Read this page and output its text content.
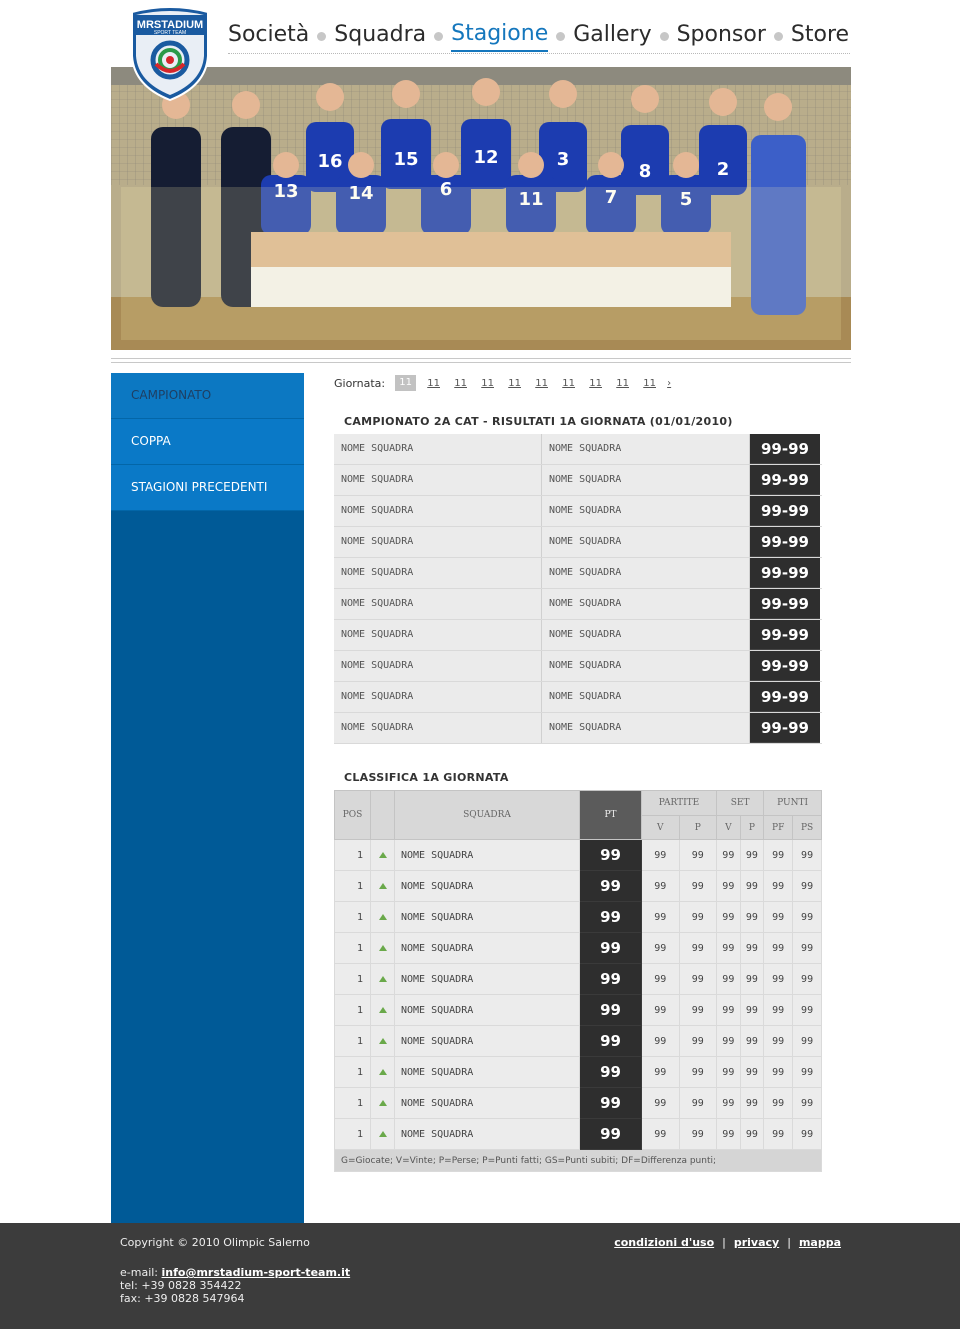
MRSTADIUM
SPORT TEAM Società Squadra Stagione Gallery Sponsor Store
16	15	12	3
8	2
13	14	6	11	7	5
CAMPIONATO
COPPA
STAGIONI PRECEDENTI
Giornata:	11	11	11	11	11	11	11	11	11	11	›
CAMPIONATO 2A CAT - RISULTATI 1A GIORNATA (01/01/2010)
NOME SQUADRA	NOME SQUADRA	99-99
NOME SQUADRA	NOME SQUADRA	99-99
NOME SQUADRA	NOME SQUADRA	99-99
NOME SQUADRA	NOME SQUADRA	99-99
NOME SQUADRA	NOME SQUADRA	99-99
NOME SQUADRA	NOME SQUADRA	99-99
NOME SQUADRA	NOME SQUADRA	99-99
NOME SQUADRA	NOME SQUADRA	99-99
NOME SQUADRA	NOME SQUADRA	99-99
NOME SQUADRA	NOME SQUADRA	99-99
CLASSIFICA 1A GIORNATA
POS		SQUADRA	PT	PARTITE		SET		PUNTI	
				V	P	V	P	PF	PS
1		NOME SQUADRA	99	99	99	99	99	99	99
1		NOME SQUADRA	99	99	99	99	99	99	99
1		NOME SQUADRA	99	99	99	99	99	99	99
1		NOME SQUADRA	99	99	99	99	99	99	99
1		NOME SQUADRA	99	99	99	99	99	99	99
1		NOME SQUADRA	99	99	99	99	99	99	99
1		NOME SQUADRA	99	99	99	99	99	99	99
1		NOME SQUADRA	99	99	99	99	99	99	99
1		NOME SQUADRA	99	99	99	99	99	99	99
1		NOME SQUADRA	99	99	99	99	99	99	99
G=Giocate; V=Vinte; P=Perse; P=Punti fatti; GS=Punti subiti; DF=Differenza punti;									
Copyright © 2010 Olimpic Salerno	condizioni d'uso | privacy | mappa
e-mail: info@mrstadium-sport-team.it
tel: +39 0828 354422
fax: +39 0828 547964
